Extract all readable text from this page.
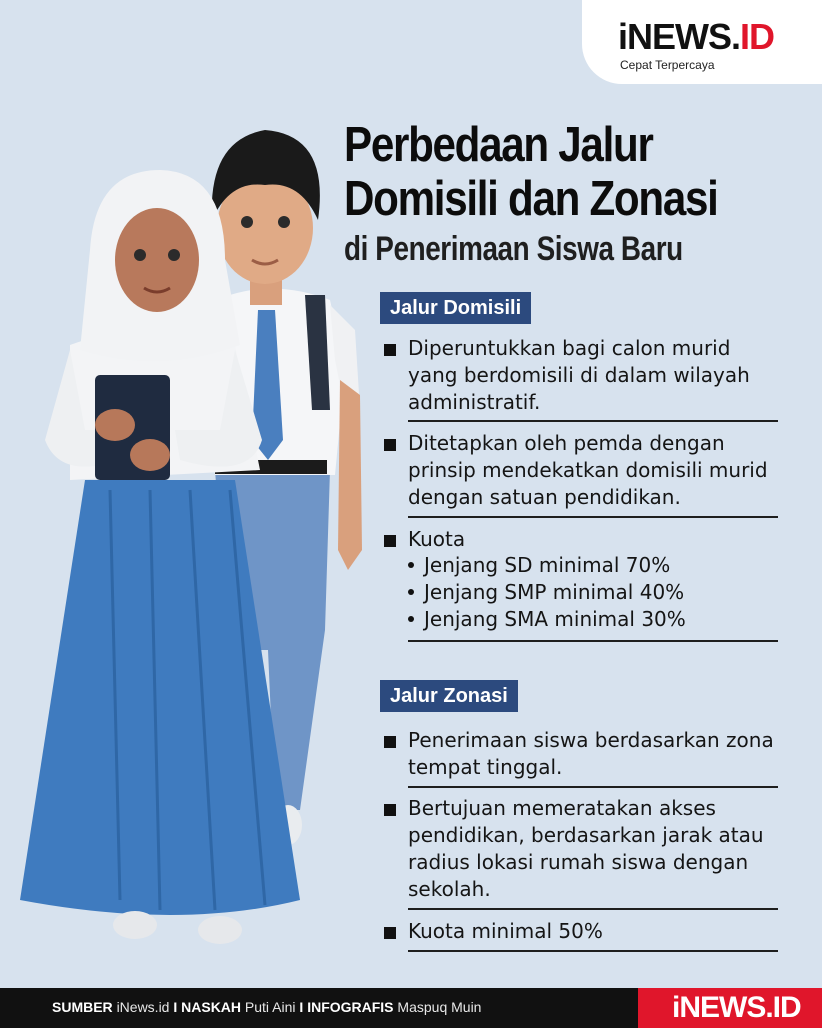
iNEWS.ID
Cepat Terpercaya
Perbedaan Jalur
Domisili dan Zonasi
di Penerimaan Siswa Baru
Jalur Domisili
Diperuntukkan bagi calon murid yang berdomisili di dalam wilayah administratif.
Ditetapkan oleh pemda dengan prinsip mendekatkan domisili murid dengan satuan pendidikan.
Kuota
Jenjang SD minimal 70%
Jenjang SMP minimal 40%
Jenjang SMA minimal 30%
Jalur Zonasi
Penerimaan siswa berdasarkan zona tempat tinggal.
Bertujuan memeratakan akses pendidikan, berdasarkan jarak atau radius lokasi rumah siswa dengan sekolah.
Kuota minimal 50%
SUMBER iNews.id I NASKAH Puti Aini I INFOGRAFIS Maspuq Muin	iNEWS.ID
